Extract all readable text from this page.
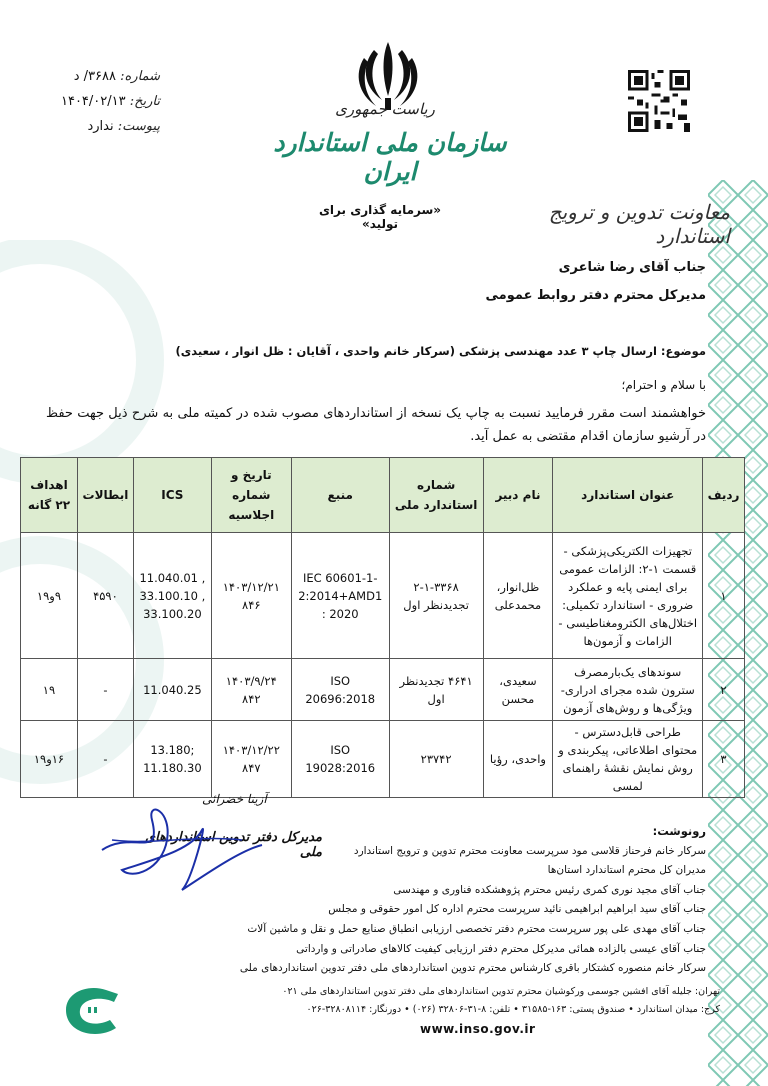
ریاست جمهوری
سازمان ملی استاندارد ایران
شماره: ۳۶۸۸/ د
تاریخ: ۱۴۰۴/۰۲/۱۳
پیوست: ندارد
«سرمایه گذاری برای تولید»	معاونت تدوین و ترویج استاندارد
جناب آقای رضا شاعری
مدیرکل محترم دفتر روابط عمومی
موضوع: ارسال چاپ ۳ عدد مهندسی پزشکی (سرکار خانم واحدی ، آقایان : ظل انوار ، سعیدی)
با سلام و احترام؛
خواهشمند است مقرر فرمایید نسبت به چاپ یک نسخه از استانداردهای مصوب شده در کمیته ملی به شرح ذیل جهت حفظ در آرشیو سازمان اقدام مقتضی به عمل آید.
ردیف	عنوان استاندارد	نام دبیر	شماره استاندارد ملی	منبع	تاریخ و شماره اجلاسیه	ICS	ابطالات	اهداف ۲۲ گانه
۱	تجهیزات الکتریکی‌پزشکی - قسمت ۱-۲: الزامات عمومی برای ایمنی پایه و عملکرد ضروری - استاندارد تکمیلی: اختلال‌های الکترومغناطیسی - الزامات و آزمون‌ها	ظل‌انوار، محمدعلی	۲-۱-۳۳۶۸ تجدیدنظر اول	IEC 60601-1-2:2014+AMD1 : 2020	۱۴۰۳/۱۲/۲۱ ۸۴۶	11.040.01 , 33.100.10 , 33.100.20	۴۵۹۰	۹و۱۹
۲	سوندهای یک‌بارمصرف سترون شده مجرای ادراری- ویژگی‌ها و روش‌های آزمون	سعیدی، محسن	۴۶۴۱ تجدیدنظر اول	ISO 20696:2018	۱۴۰۳/۹/۲۴ ۸۴۲	11.040.25	-	۱۹
۳	طراحی قابل‌دسترس - محتوای اطلاعاتی، پیکربندی و روش نمایش نقشهٔ راهنمای لمسی	واحدی، رؤیا	۲۳۷۴۲	ISO 19028:2016	۱۴۰۳/۱۲/۲۲ ۸۴۷	13.180; 11.180.30	-	۱۶و۱۹
آزیتا خضرائی
مدیرکل دفتر تدوین استانداردهای ملی
رونوشت:
سرکار خانم فرحناز قلاسی مود سرپرست معاونت محترم تدوین و ترویج استاندارد
مدیران کل محترم استاندارد استان‌ها
جناب آقای مجید نوری کمری رئیس محترم پژوهشکده فناوری و مهندسی
جناب آقای سید ابراهیم ابراهیمی نائید سرپرست محترم اداره کل امور حقوقی و مجلس
جناب آقای مهدی علی پور سرپرست محترم دفتر تخصصی ارزیابی انطباق صنایع حمل و نقل و ماشین آلات
جناب آقای عیسی بالزاده همائی مدیرکل محترم دفتر ارزیابی کیفیت کالاهای صادراتی و وارداتی
سرکار خانم منصوره کشتکار باقری کارشناس محترم تدوین استانداردهای ملی دفتر تدوین استانداردهای ملی
تهران: جلیله آقای افشین جوسمی ورکوشیان محترم تدوین استانداردهای ملی دفتر تدوین استانداردهای ملی ۰۲۱
کرج: میدان استاندارد • صندوق پستی: ۱۶۳-۳۱۵۸۵ • تلفن: ۸-۳۱-۳۲۸۰۶ (۰۲۶) • دورنگار: ۳۲۸۰۸۱۱۴-۰۲۶
www.inso.gov.ir
